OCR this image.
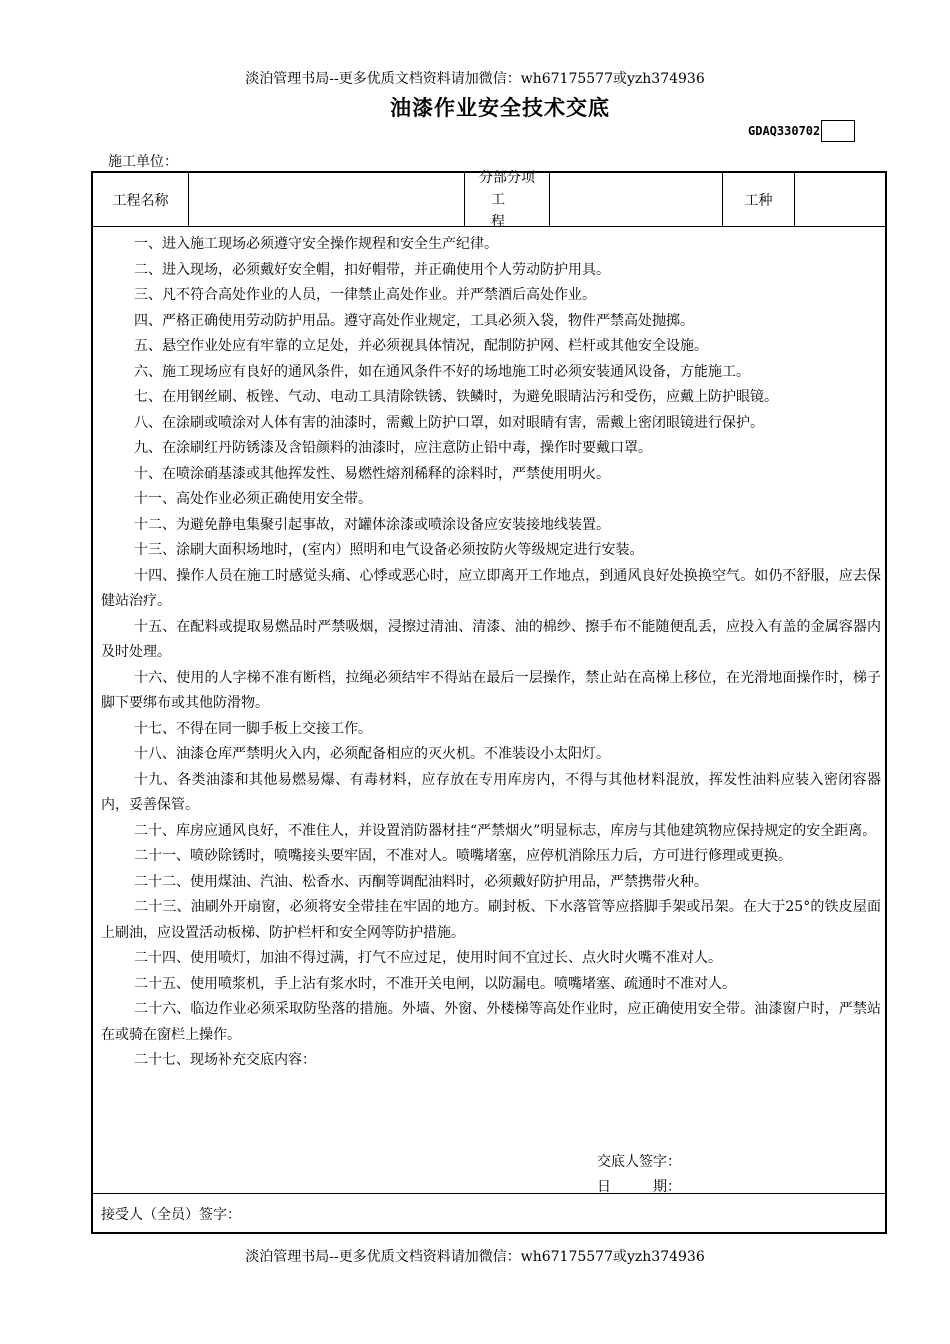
淡泊管理书局--更多优质文档资料请加微信：wh67175577或yzh374936
油漆作业安全技术交底
GDAQ330702
施工单位：
工程名称
分部分项
工程
工种

一、进入施工现场必须遵守安全操作规程和安全生产纪律。

二、进入现场，必须戴好安全帽，扣好帽带，并正确使用个人劳动防护用具。

三、凡不符合高处作业的人员，一律禁止高处作业。并严禁酒后高处作业。

四、严格正确使用劳动防护用品。遵守高处作业规定，工具必须入袋，物件严禁高处抛掷。

五、悬空作业处应有牢靠的立足处，并必须视具体情况，配制防护网、栏杆或其他安全设施。

六、施工现场应有良好的通风条件，如在通风条件不好的场地施工时必须安装通风设备，方能施工。

七、在用钢丝刷、板锉、气动、电动工具清除铁锈、铁鳞时，为避免眼睛沾污和受伤，应戴上防护眼镜。

八、在涂刷或喷涂对人体有害的油漆时，需戴上防护口罩，如对眼睛有害，需戴上密闭眼镜进行保护。

九、在涂刷红丹防锈漆及含铅颜料的油漆时，应注意防止铅中毒，操作时要戴口罩。

十、在喷涂硝基漆或其他挥发性、易燃性熔剂稀释的涂料时，严禁使用明火。

十一、高处作业必须正确使用安全带。

十二、为避免静电集聚引起事故，对罐体涂漆或喷涂设备应安装接地线装置。

十三、涂刷大面积场地时，(室内）照明和电气设备必须按防火等级规定进行安装。

十四、操作人员在施工时感觉头痛、心悸或恶心时，应立即离开工作地点，到通风良好处换换空气。如仍不舒服，应去保健站治疗。

十五、在配料或提取易燃品时严禁吸烟，浸擦过清油、清漆、油的棉纱、擦手布不能随便乱丢，应投入有盖的金属容器内及时处理。

十六、使用的人字梯不准有断档，拉绳必须结牢不得站在最后一层操作，禁止站在高梯上移位，在光滑地面操作时，梯子脚下要绑布或其他防滑物。

十七、不得在同一脚手板上交接工作。

十八、油漆仓库严禁明火入内，必须配备相应的灭火机。不准装设小太阳灯。

十九、各类油漆和其他易燃易爆、有毒材料，应存放在专用库房内，不得与其他材料混放，挥发性油料应装入密闭容器内，妥善保管。

二十、库房应通风良好，不准住人，并设置消防器材挂“严禁烟火”明显标志，库房与其他建筑物应保持规定的安全距离。

二十一、喷砂除锈时，喷嘴接头要牢固，不准对人。喷嘴堵塞，应停机消除压力后，方可进行修理或更换。

二十二、使用煤油、汽油、松香水、丙酮等调配油料时，必须戴好防护用品，严禁携带火种。

二十三、油刷外开扇窗，必须将安全带挂在牢固的地方。刷封板、下水落管等应搭脚手架或吊架。在大于25°的铁皮屋面上刷油，应设置活动板梯、防护栏杆和安全网等防护措施。

二十四、使用喷灯，加油不得过满，打气不应过足，使用时间不宜过长、点火时火嘴不准对人。

二十五、使用喷浆机，手上沾有浆水时，不准开关电闸，以防漏电。喷嘴堵塞、疏通时不准对人。

二十六、临边作业必须采取防坠落的措施。外墙、外窗、外楼梯等高处作业时，应正确使用安全带。油漆窗户时，严禁站在或骑在窗栏上操作。

二十七、现场补充交底内容：

交底人签字：
日	期：
接受人（全员）签字：
淡泊管理书局--更多优质文档资料请加微信：wh67175577或yzh374936
